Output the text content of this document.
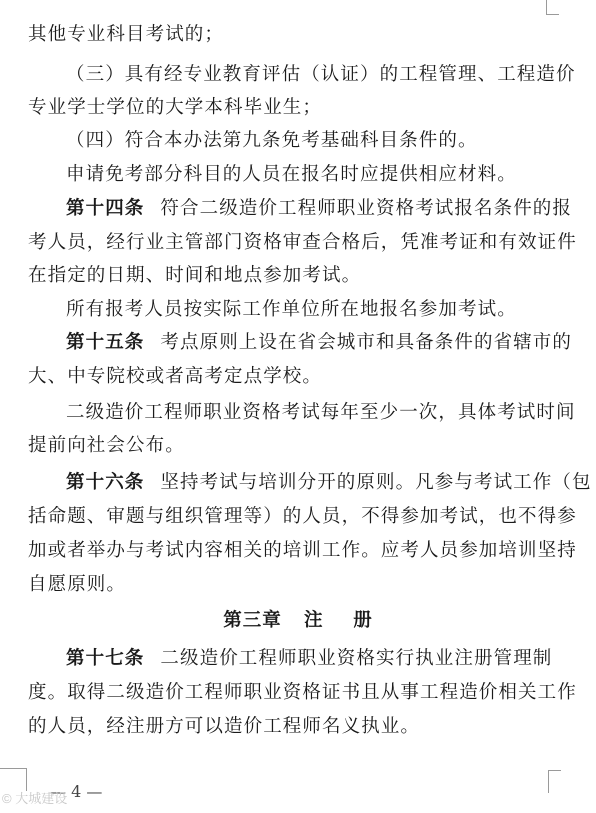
其他专业科目考试的；
（三）具有经专业教育评估（认证）的工程管理、工程造价
专业学士学位的大学本科毕业生；
（四）符合本办法第九条免考基础科目条件的。
申请免考部分科目的人员在报名时应提供相应材料。
第十四条 符合二级造价工程师职业资格考试报名条件的报
考人员，经行业主管部门资格审查合格后，凭准考证和有效证件
在指定的日期、时间和地点参加考试。
所有报考人员按实际工作单位所在地报名参加考试。
第十五条 考点原则上设在省会城市和具备条件的省辖市的
大、中专院校或者高考定点学校。
二级造价工程师职业资格考试每年至少一次，具体考试时间
提前向社会公布。
第十六条 坚持考试与培训分开的原则。凡参与考试工作（包
括命题、审题与组织管理等）的人员，不得参加考试，也不得参
加或者举办与考试内容相关的培训工作。应考人员参加培训坚持
自愿原则。
第三章   注    册
第十七条 二级造价工程师职业资格实行执业注册管理制
度。取得二级造价工程师职业资格证书且从事工程造价相关工作
的人员，经注册方可以造价工程师名义执业。
— 4 —
© 大城建设
